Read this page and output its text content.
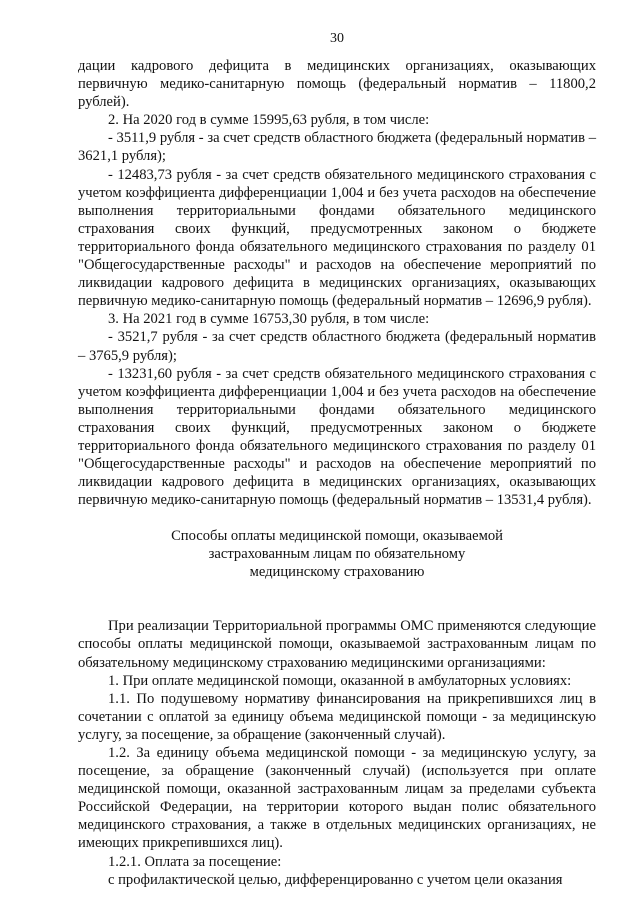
30

дации кадрового дефицита в медицинских организациях, оказывающих первичную медико-санитарную помощь (федеральный норматив – 11800,2 рублей).

2. На 2020 год в сумме 15995,63 рубля, в том числе:

- 3511,9 рубля - за счет средств областного бюджета (федеральный норматив – 3621,1 рубля);

- 12483,73 рубля - за счет средств обязательного медицинского страхования с учетом коэффициента дифференциации 1,004 и без учета расходов на обеспечение выполнения территориальными фондами обязательного медицинского страхования своих функций, предусмотренных законом о бюджете территориального фонда обязательного медицинского страхования по разделу 01 "Общегосударственные расходы" и расходов на обеспечение мероприятий по ликвидации кадрового дефицита в медицинских организациях, оказывающих первичную медико-санитарную помощь (федеральный норматив – 12696,9 рубля).

3. На 2021 год в сумме 16753,30 рубля, в том числе:

- 3521,7 рубля - за счет средств областного бюджета (федеральный норматив – 3765,9 рубля);

- 13231,60 рубля - за счет средств обязательного медицинского страхования с учетом коэффициента дифференциации 1,004 и без учета расходов на обеспечение выполнения территориальными фондами обязательного медицинского страхования своих функций, предусмотренных законом о бюджете территориального фонда обязательного медицинского страхования по разделу 01 "Общегосударственные расходы" и расходов на обеспечение мероприятий по ликвидации кадрового дефицита в медицинских организациях, оказывающих первичную медико-санитарную помощь (федеральный норматив – 13531,4 рубля).

Способы оплаты медицинской помощи, оказываемой
застрахованным лицам по обязательному
медицинскому страхованию

При реализации Территориальной программы ОМС применяются следующие способы оплаты медицинской помощи, оказываемой застрахованным лицам по обязательному медицинскому страхованию медицинскими организациями:

1. При оплате медицинской помощи, оказанной в амбулаторных условиях:

1.1. По подушевому нормативу финансирования на прикрепившихся лиц в сочетании с оплатой за единицу объема медицинской помощи - за медицинскую услугу, за посещение, за обращение (законченный случай).

1.2. За единицу объема медицинской помощи - за медицинскую услугу, за посещение, за обращение (законченный случай) (используется при оплате медицинской помощи, оказанной застрахованным лицам за пределами субъекта Российской Федерации, на территории которого выдан полис обязательного медицинского страхования, а также в отдельных медицинских организациях, не имеющих прикрепившихся лиц).

1.2.1. Оплата за посещение:

с профилактической целью, дифференцированно с учетом цели оказания
